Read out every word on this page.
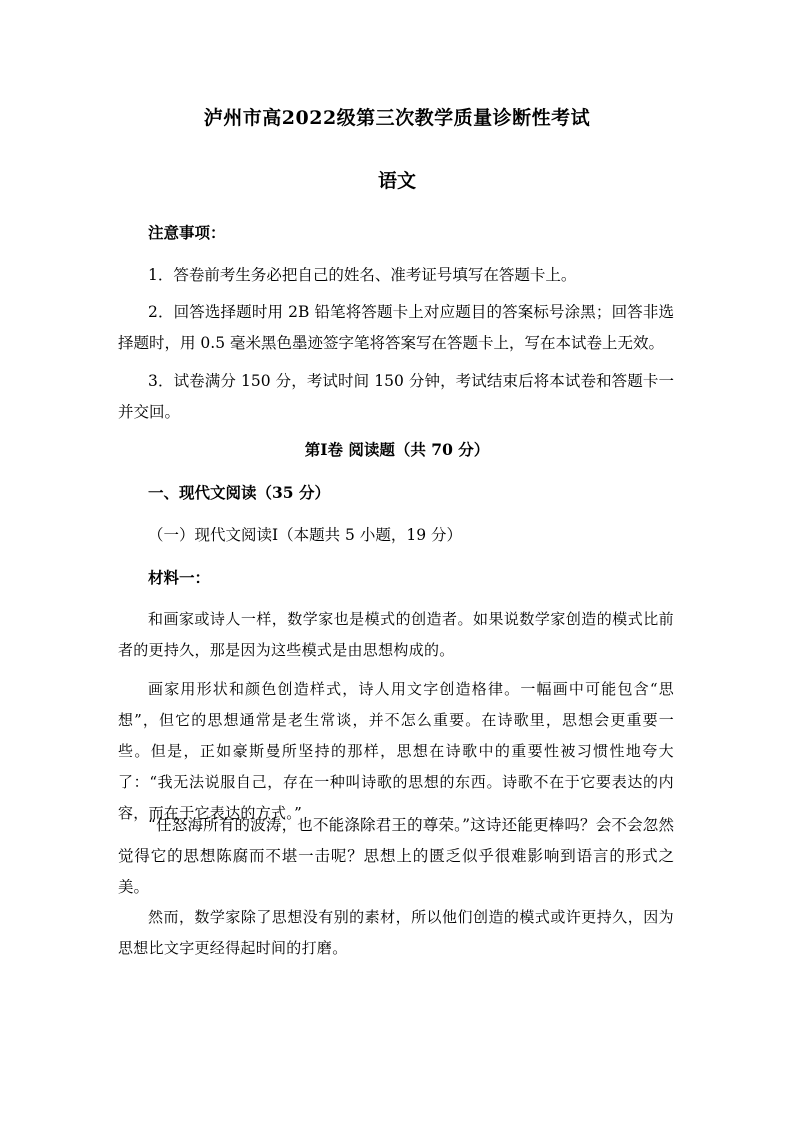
泸州市高2022级第三次教学质量诊断性考试
语文
注意事项：
1．答卷前考生务必把自己的姓名、准考证号填写在答题卡上。
2．回答选择题时用 2B 铅笔将答题卡上对应题目的答案标号涂黑；回答非选择题时，用 0.5 毫米黑色墨迹签字笔将答案写在答题卡上，写在本试卷上无效。
3．试卷满分 150 分，考试时间 150 分钟，考试结束后将本试卷和答题卡一并交回。
第Ⅰ卷 阅读题（共 70 分）
一、现代文阅读（35 分）
（一）现代文阅读Ⅰ（本题共 5 小题，19 分）
材料一：
和画家或诗人一样，数学家也是模式的创造者。如果说数学家创造的模式比前者的更持久，那是因为这些模式是由思想构成的。
画家用形状和颜色创造样式，诗人用文字创造格律。一幅画中可能包含“思想”，但它的思想通常是老生常谈，并不怎么重要。在诗歌里，思想会更重要一些。但是，正如豪斯曼所坚持的那样，思想在诗歌中的重要性被习惯性地夸大了：“我无法说服自己，存在一种叫诗歌的思想的东西。诗歌不在于它要表达的内容，而在于它表达的方式。”
“任怒海所有的波涛，也不能涤除君王的尊荣。”这诗还能更棒吗？会不会忽然觉得它的思想陈腐而不堪一击呢？思想上的匮乏似乎很难影响到语言的形式之美。
然而，数学家除了思想没有别的素材，所以他们创造的模式或许更持久，因为思想比文字更经得起时间的打磨。
